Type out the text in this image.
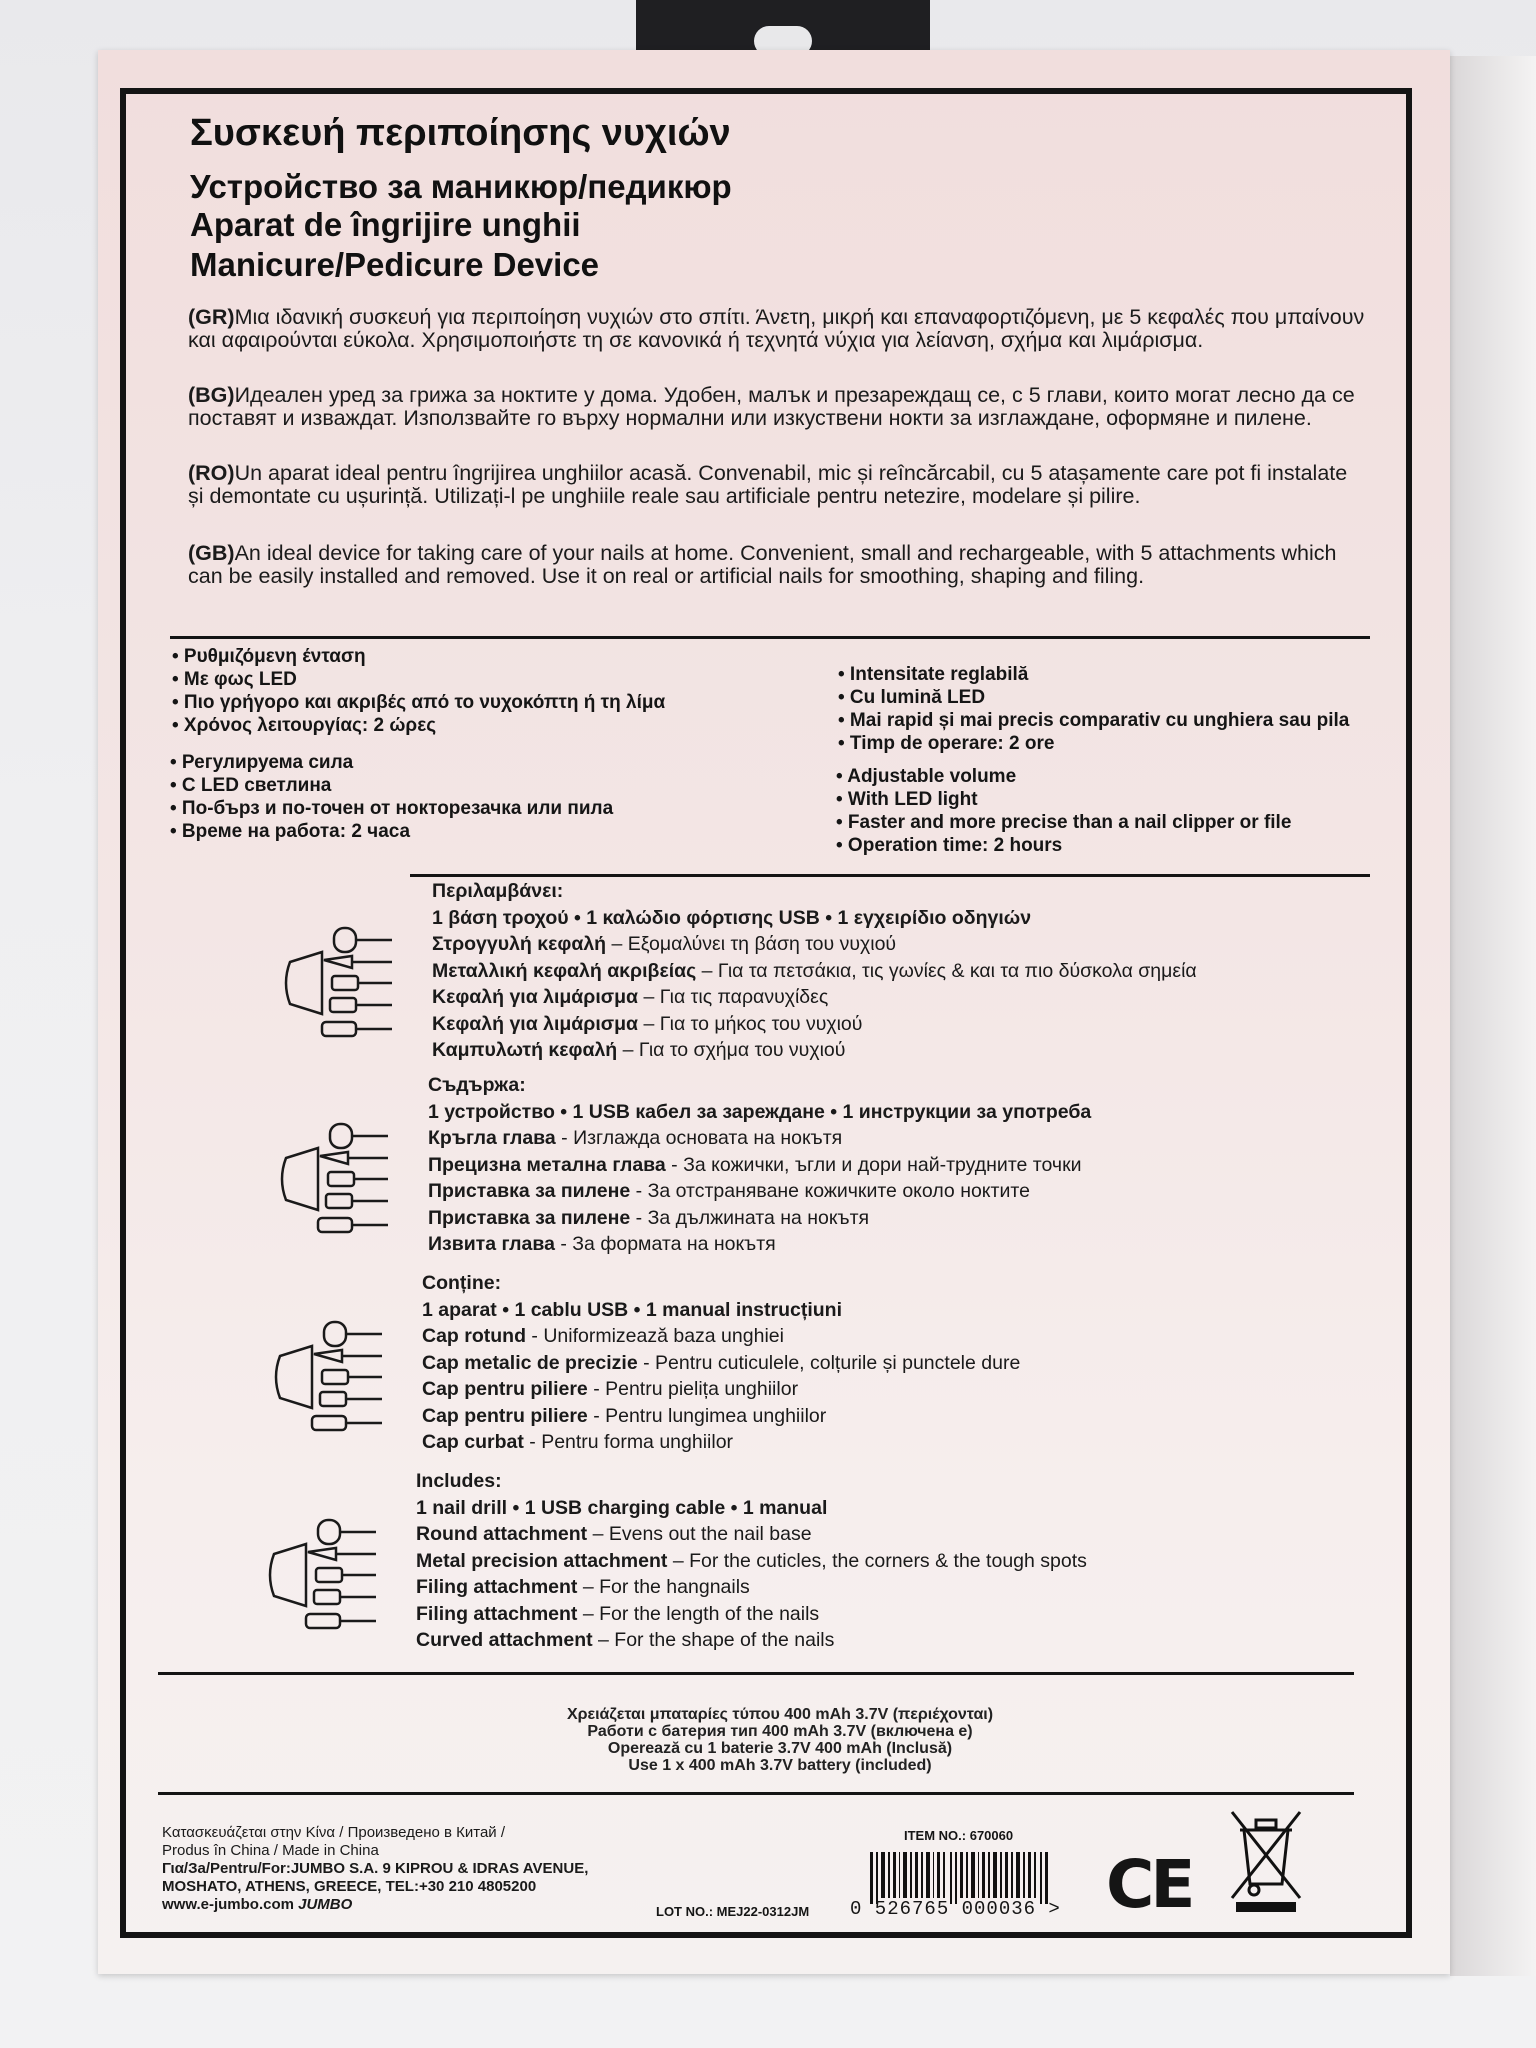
Συσκευή περιποίησης νυχιών
Устройство за маникюр/педикюр
Aparat de îngrijire unghii
Manicure/Pedicure Device
(GR)Μια ιδανική συσκευή για περιποίηση νυχιών στο σπίτι. Άνετη, μικρή και επαναφορτιζόμενη, με 5 κεφαλές που μπαίνουν και αφαιρούνται εύκολα. Χρησιμοποιήστε τη σε κανονικά ή τεχνητά νύχια για λείανση, σχήμα και λιμάρισμα.
(BG)Идеален уред за грижа за ноктите у дома. Удобен, малък и презареждащ се, с 5 глави, които могат лесно да се поставят и изваждат. Използвайте го върху нормални или изкуствени нокти за изглаждане, оформяне и пилене.
(RO)Un aparat ideal pentru îngrijirea unghiilor acasă. Convenabil, mic și reîncărcabil, cu 5 atașamente care pot fi instalate și demontate cu ușurință. Utilizați-l pe unghiile reale sau artificiale pentru netezire, modelare și pilire.
(GB)An ideal device for taking care of your nails at home. Convenient, small and rechargeable, with 5 attachments which can be easily installed and removed. Use it on real or artificial nails for smoothing, shaping and filing.
• Ρυθμιζόμενη ένταση
• Με φως LED
• Πιο γρήγορο και ακριβές από το νυχοκόπτη ή τη λίμα
• Χρόνος λειτουργίας: 2 ώρες
• Регулируема сила
• С LED светлина
• По-бърз и по-точен от нокторезачка или пила
• Време на работа: 2 часа
• Intensitate reglabilă
• Cu lumină LED
• Mai rapid și mai precis comparativ cu unghiera sau pila
• Timp de operare: 2 ore
• Adjustable volume
• With LED light
• Faster and more precise than a nail clipper or file
• Operation time: 2 hours
Περιλαμβάνει:
1 βάση τροχού • 1 καλώδιο φόρτισης USB • 1 εγχειρίδιο οδηγιών
Στρογγυλή κεφαλή – Εξομαλύνει τη βάση του νυχιού
Μεταλλική κεφαλή ακριβείας – Για τα πετσάκια, τις γωνίες & και τα πιο δύσκολα σημεία
Κεφαλή για λιμάρισμα – Για τις παρανυχίδες
Κεφαλή για λιμάρισμα – Για το μήκος του νυχιού
Καμπυλωτή κεφαλή – Για το σχήμα του νυχιού
Съдържа:
1 устройство • 1 USB кабел за зареждане • 1 инструкции за употреба
Кръгла глава - Изглажда основата на нокътя
Прецизна метална глава - За кожички, ъгли и дори най-трудните точки
Приставка за пилене - За отстраняване кожичките около ноктите
Приставка за пилене - За дължината на нокътя
Извита глава - За формата на нокътя
Conține:
1 aparat • 1 cablu USB • 1 manual instrucțiuni
Cap rotund - Uniformizează baza unghiei
Cap metalic de precizie - Pentru cuticulele, colțurile și punctele dure
Cap pentru piliere - Pentru pielița unghiilor
Cap pentru piliere - Pentru lungimea unghiilor
Cap curbat - Pentru forma unghiilor
Includes:
1 nail drill • 1 USB charging cable • 1 manual
Round attachment – Evens out the nail base
Metal precision attachment – For the cuticles, the corners & the tough spots
Filing attachment – For the hangnails
Filing attachment – For the length of the nails
Curved attachment – For the shape of the nails
Χρειάζεται μπαταρίες τύπου 400 mAh 3.7V (περιέχονται)
Работи с батерия тип 400 mAh 3.7V (включена е)
Operează cu 1 baterie 3.7V 400 mAh (Inclusă)
Use 1 x 400 mAh 3.7V battery (included)
Κατασκευάζεται στην Κίνα / Произведено в Китай /
Produs în China / Made in China
Για/За/Pentru/For:JUMBO S.A. 9 KIPROU & IDRAS AVENUE,
MOSHATO, ATHENS, GREECE, TEL:+30 210 4805200
www.e-jumbo.com JUMBO
ITEM NO.: 670060
LOT NO.: MEJ22-0312JM 0 526765 000036 > CE
